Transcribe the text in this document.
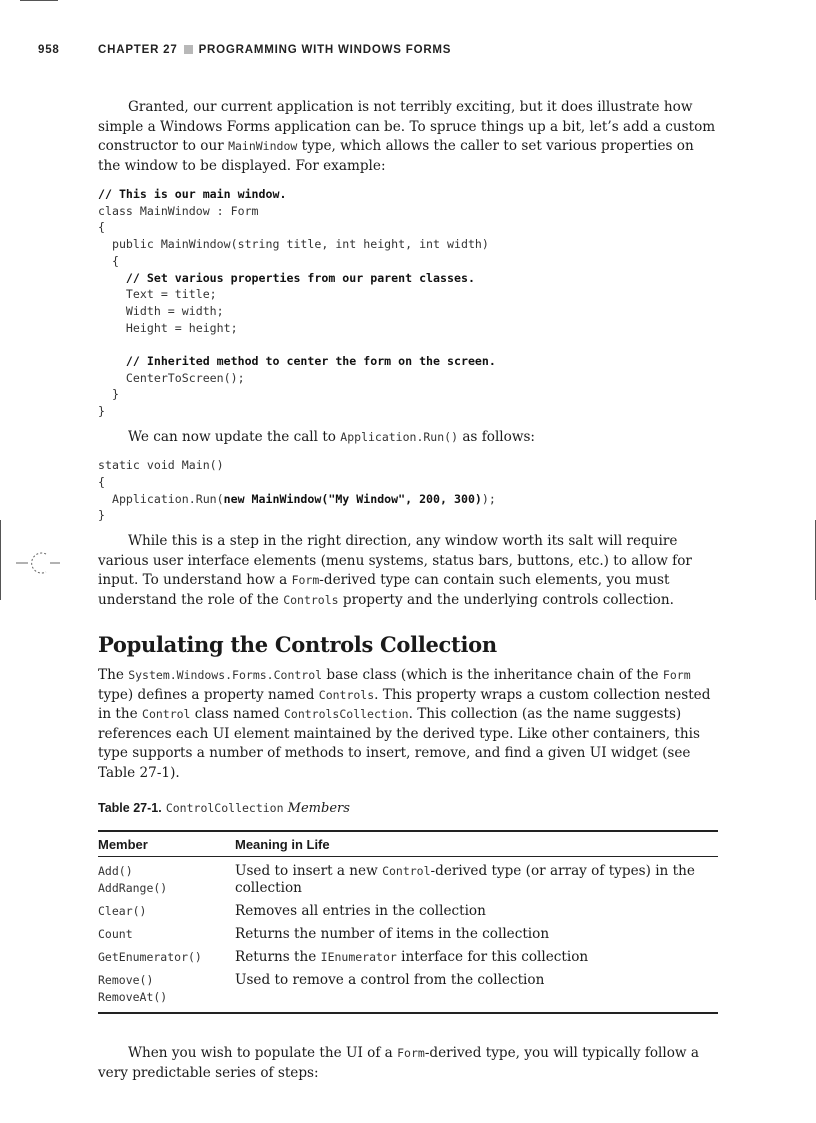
958	CHAPTER 27 PROGRAMMING WITH WINDOWS FORMS

Granted, our current application is not terribly exciting, but it does illustrate how simple a Windows Forms application can be. To spruce things up a bit, let’s add a custom constructor to our MainWindow type, which allows the caller to set various properties on the window to be displayed. For example:

// This is our main window.
class MainWindow : Form
{
public MainWindow(string title, int height, int width)
{
// Set various properties from our parent classes.
Text = title;
Width = width;
Height = height;

// Inherited method to center the form on the screen.
CenterToScreen();
}
}

We can now update the call to Application.Run() as follows:

static void Main()
{
Application.Run(new MainWindow("My Window", 200, 300));
}

While this is a step in the right direction, any window worth its salt will require various user interface elements (menu systems, status bars, buttons, etc.) to allow for input. To understand how a Form-derived type can contain such elements, you must understand the role of the Controls property and the underlying controls collection.

Populating the Controls Collection

The System.Windows.Forms.Control base class (which is the inheritance chain of the Form type) defines a property named Controls. This property wraps a custom collection nested in the Control class named ControlsCollection. This collection (as the name suggests) references each UI element maintained by the derived type. Like other containers, this type supports a number of methods to insert, remove, and find a given UI widget (see Table 27-1).

Table 27-1. ControlCollection Members
Member	Meaning in Life
Add()
AddRange()	Used to insert a new Control-derived type (or array of types) in the collection
Clear()	Removes all entries in the collection
Count	Returns the number of items in the collection
GetEnumerator()	Returns the IEnumerator interface for this collection
Remove()
RemoveAt()	Used to remove a control from the collection

When you wish to populate the UI of a Form-derived type, you will typically follow a very predictable series of steps:
